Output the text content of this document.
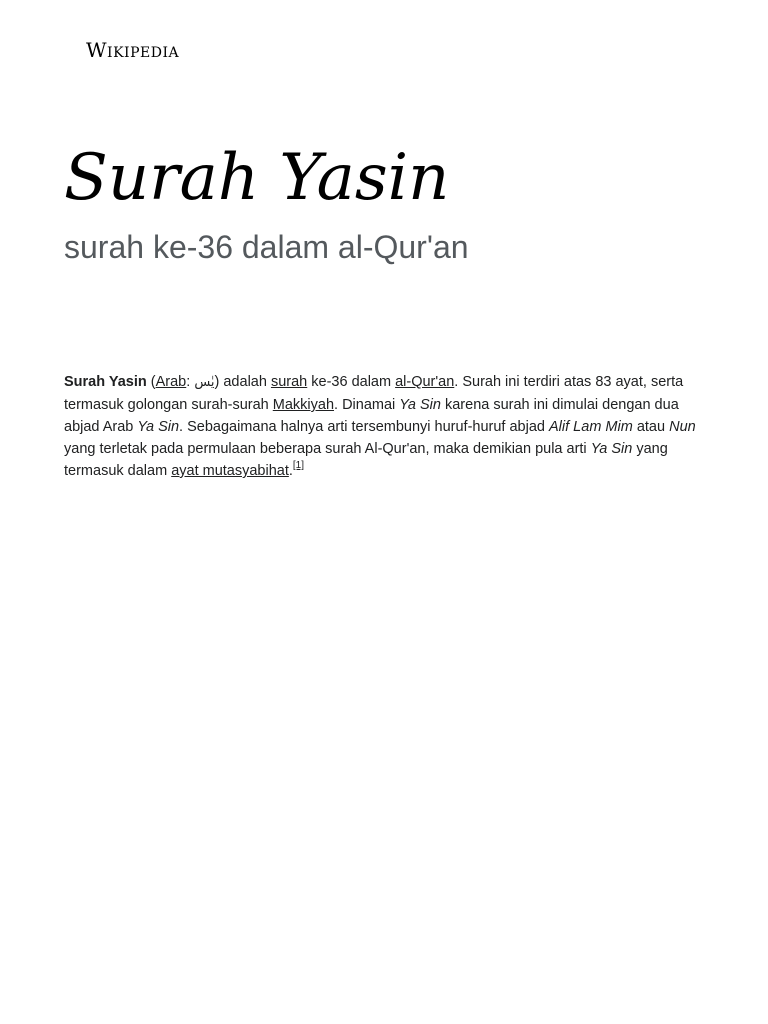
Wikipedia
Surah Yasin
surah ke-36 dalam al-Qur'an

Surah Yasin (Arab: يٰس) adalah surah ke-36 dalam al-Qur'an. Surah ini terdiri atas 83 ayat, serta termasuk golongan surah-surah Makkiyah. Dinamai Ya Sin karena surah ini dimulai dengan dua abjad Arab Ya Sin. Sebagaimana halnya arti tersembunyi huruf-huruf abjad Alif Lam Mim atau Nun yang terletak pada permulaan beberapa surah Al-Qur'an, maka demikian pula arti Ya Sin yang termasuk dalam ayat mutasyabihat.[1]
